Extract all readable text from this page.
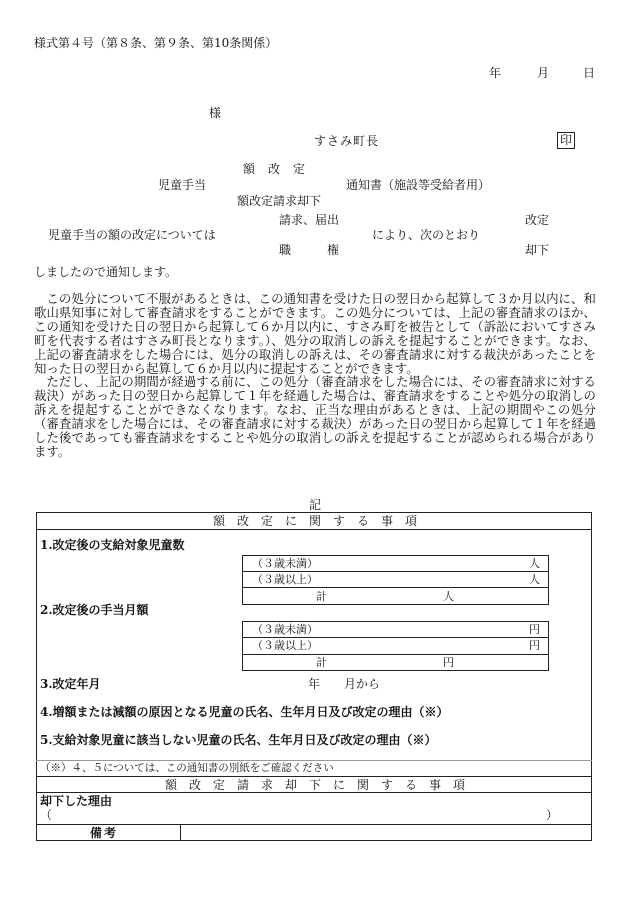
様式第４号（第８条、第９条、第10条関係）
年	月	日
様
すさみ町長	印
額　改　定
児童手当	通知書（施設等受給者用）
額改定請求却下
請求、届出	改定
児童手当の額の改定については	により、次のとおり
職　　　権	却下
しましたので通知します。

この処分について不服があるときは、この通知書を受けた日の翌日から起算して３か月以内に、和歌山県知事に対して審査請求をすることができます。この処分については、上記の審査請求のほか、この通知を受けた日の翌日から起算して６か月以内に、すさみ町を被告として（訴訟においてすさみ町を代表する者はすさみ町長となります。）、処分の取消しの訴えを提起することができます。なお、上記の審査請求をした場合には、処分の取消しの訴えは、その審査請求に対する裁決があったことを知った日の翌日から起算して６か月以内に提起することができます。

ただし、上記の期間が経過する前に、この処分（審査請求をした場合には、その審査請求に対する裁決）があった日の翌日から起算して１年を経過した場合は、審査請求をすることや処分の取消しの訴えを提起することができなくなります。なお、正当な理由があるときは、上記の期間やこの処分（審査請求をした場合には、その審査請求に対する裁決）があった日の翌日から起算して１年を経過した後であっても審査請求をすることや処分の取消しの訴えを提起することが認められる場合があります。

記
額　改　定　に　関　す　る　事　項
1.改定後の支給対象児童数
（３歳未満）	人
（３歳以上）	人
計	人
2.改定後の手当月額
（３歳未満）	円
（３歳以上）	円
計	円
3.改定年月	年　　月から
4.増額または減額の原因となる児童の氏名、生年月日及び改定の理由（※）
5.支給対象児童に該当しない児童の氏名、生年月日及び改定の理由（※）
（※）４、５については、この通知書の別紙をご確認ください
額　改　定　請　求　却　下　に　関　す　る　事　項
却下した理由
（	）
備考
